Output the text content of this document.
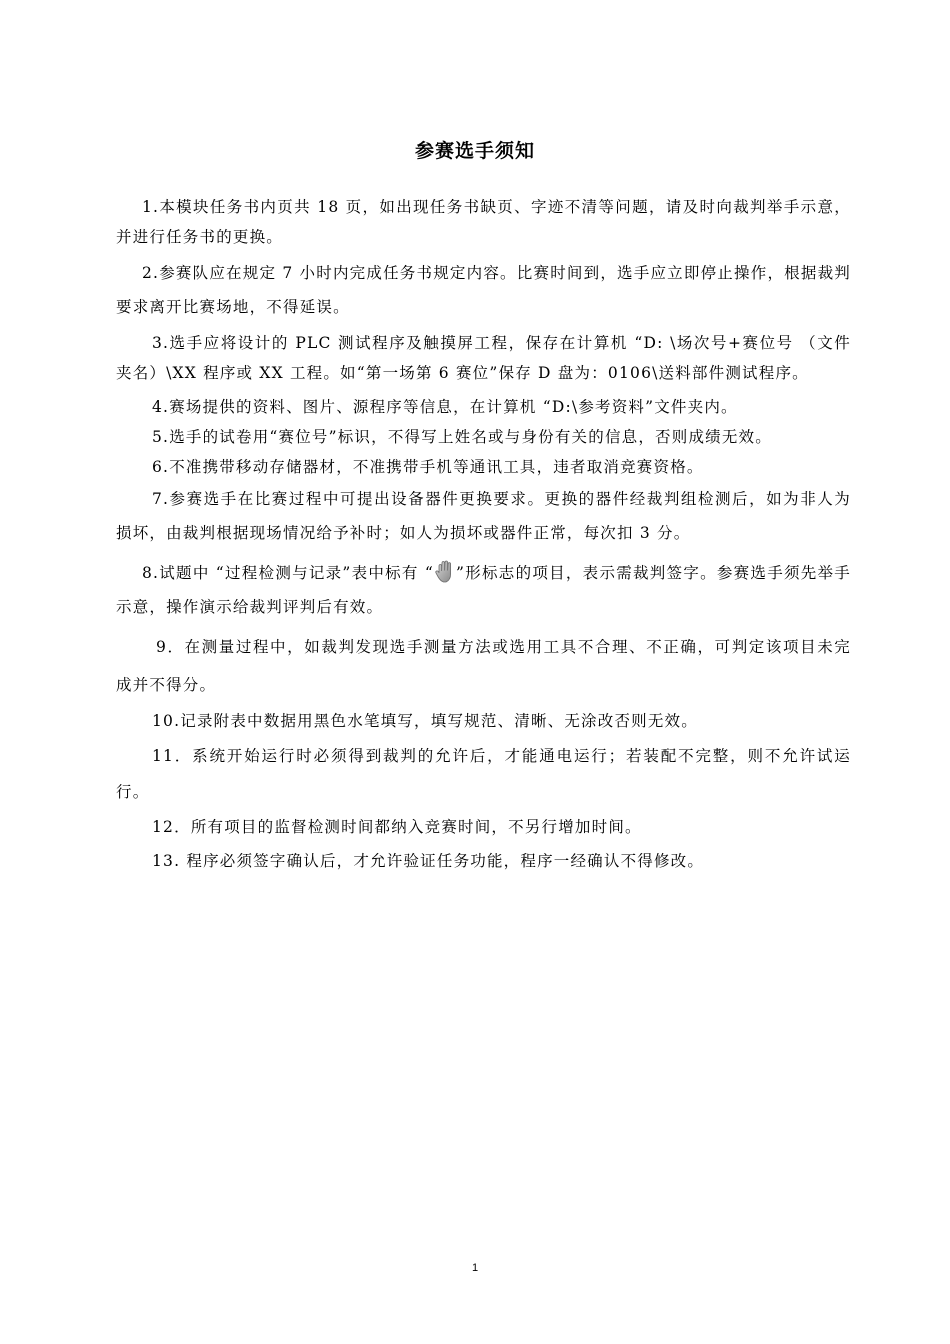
参赛选手须知

1.本模块任务书内页共 18 页，如出现任务书缺页、字迹不清等问题，请及时向裁判举手示意，并进行任务书的更换。

2.参赛队应在规定 7 小时内完成任务书规定内容。比赛时间到，选手应立即停止操作，根据裁判要求离开比赛场地，不得延误。

3.选手应将设计的 PLC 测试程序及触摸屏工程，保存在计算机 “D: \场次号+赛位号 （文件夹名）\XX 程序或 XX 工程。如“第一场第 6 赛位”保存 D 盘为：0106\送料部件测试程序。

4.赛场提供的资料、图片、源程序等信息，在计算机 “D:\参考资料”文件夹内。

5.选手的试卷用“赛位号”标识，不得写上姓名或与身份有关的信息，否则成绩无效。

6.不准携带移动存储器材，不准携带手机等通讯工具，违者取消竞赛资格。

7.参赛选手在比赛过程中可提出设备器件更换要求。更换的器件经裁判组检测后，如为非人为损坏，由裁判根据现场情况给予补时；如人为损坏或器件正常，每次扣 3 分。

8.试题中 “过程检测与记录”表中标有 “ ”形标志的项目，表示需裁判签字。参赛选手须先举手示意，操作演示给裁判评判后有效。

9．在测量过程中，如裁判发现选手测量方法或选用工具不合理、不正确，可判定该项目未完成并不得分。

10.记录附表中数据用黑色水笔填写，填写规范、清晰、无涂改否则无效。

11．系统开始运行时必须得到裁判的允许后，才能通电运行；若装配不完整，则不允许试运行。

12．所有项目的监督检测时间都纳入竞赛时间，不另行增加时间。

13. 程序必须签字确认后，才允许验证任务功能，程序一经确认不得修改。

1
